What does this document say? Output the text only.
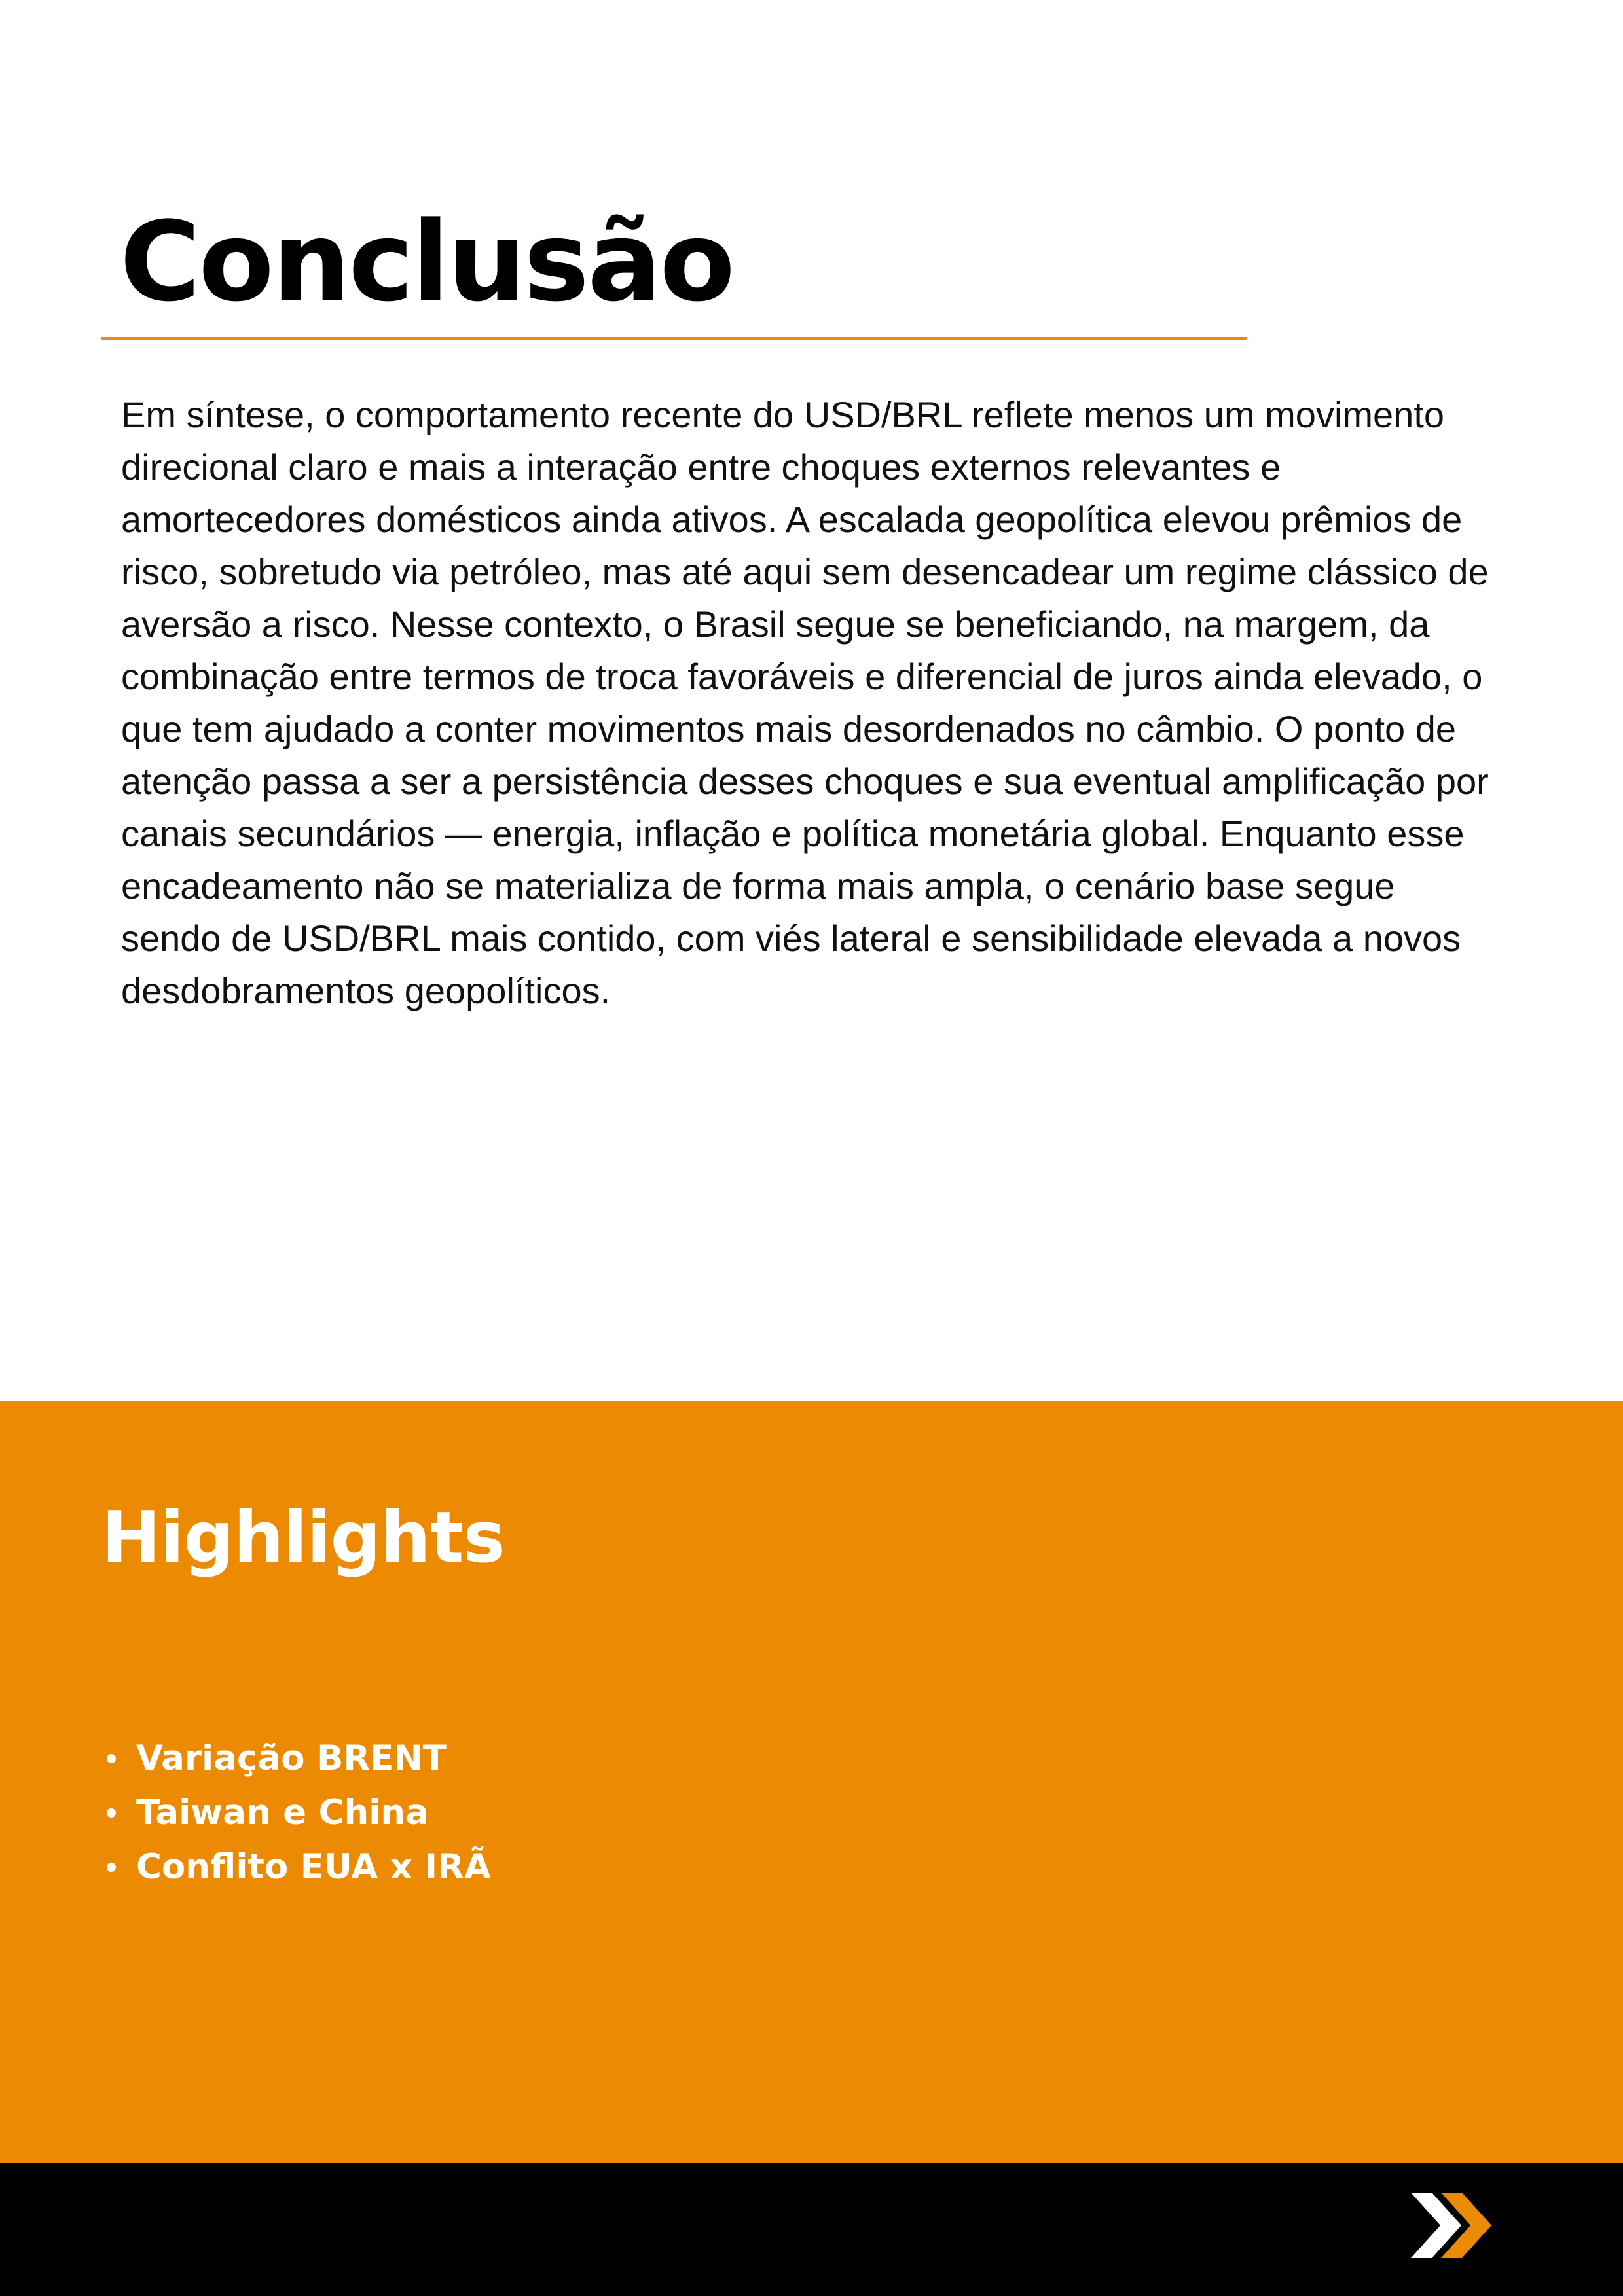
Conclusão

Em síntese, o comportamento recente do USD/BRL reflete menos um movimento direcional claro e mais a interação entre choques externos relevantes e amortecedores domésticos ainda ativos. A escalada geopolítica elevou prêmios de risco, sobretudo via petróleo, mas até aqui sem desencadear um regime clássico de aversão a risco. Nesse contexto, o Brasil segue se beneficiando, na margem, da combinação entre termos de troca favoráveis e diferencial de juros ainda elevado, o que tem ajudado a conter movimentos mais desordenados no câmbio. O ponto de atenção passa a ser a persistência desses choques e sua eventual amplificação por canais secundários — energia, inflação e política monetária global. Enquanto esse encadeamento não se materializa de forma mais ampla, o cenário base segue sendo de USD/BRL mais contido, com viés lateral e sensibilidade elevada a novos desdobramentos geopolíticos.

Highlights
Variação BRENT
Taiwan e China
Conflito EUA x IRÃ
